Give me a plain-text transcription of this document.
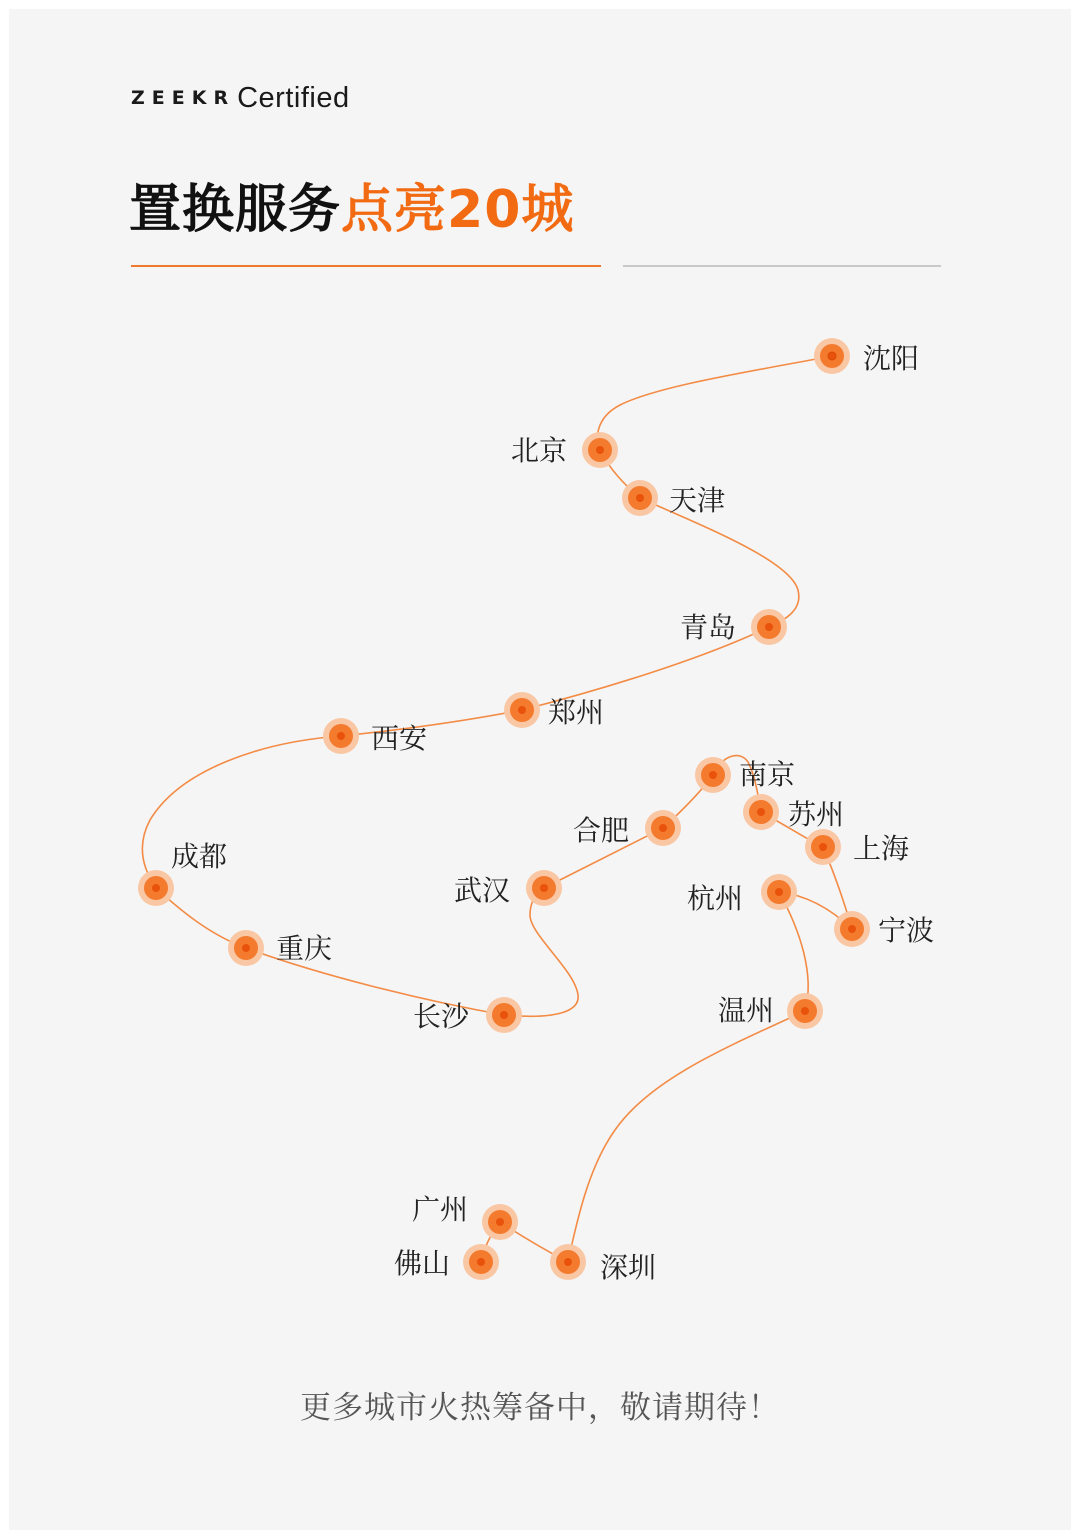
ZEEKR Certified
置换服务点亮20城
沈阳
北京
天津
青岛
郑州
西安
成都
重庆
长沙
武汉
合肥
南京
苏州
上海
宁波
杭州
温州
深圳
广州
佛山
更多城市火热筹备中，敬请期待！
